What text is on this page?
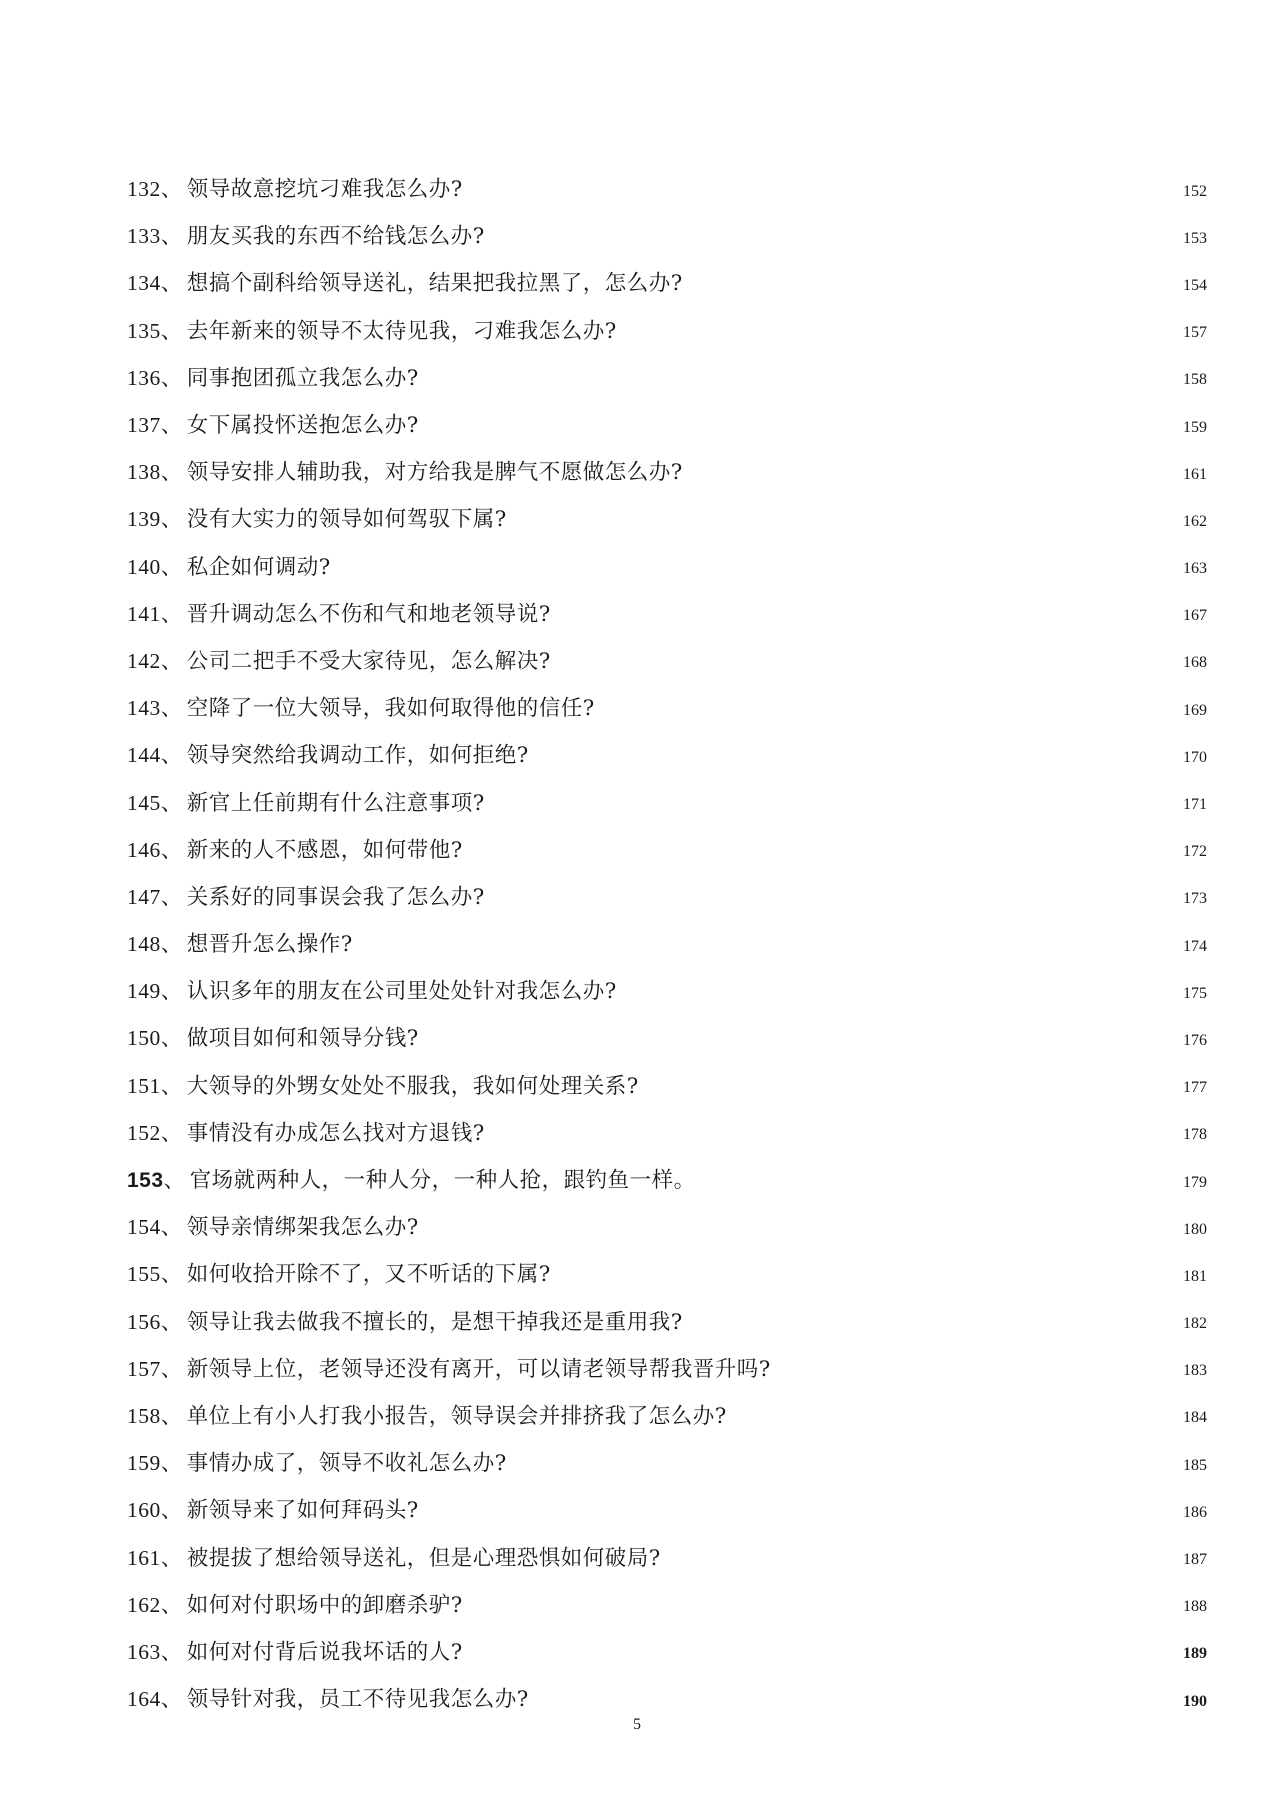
132 、 领导故意挖坑刁难我怎么办?	152
133 、 朋友买我的东西不给钱怎么办?	153
134 、 想搞个副科给领导送礼，结果把我拉黑了，怎么办?	154
135 、 去年新来的领导不太待见我，刁难我怎么办?	157
136 、 同事抱团孤立我怎么办?	158
137 、 女下属投怀送抱怎么办?	159
138 、 领导安排人辅助我，对方给我是脾气不愿做怎么办?	161
139 、 没有大实力的领导如何驾驭下属?	162
140 、 私企如何调动?	163
141 、 晋升调动怎么不伤和气和地老领导说?	167
142 、 公司二把手不受大家待见，怎么解决?	168
143 、 空降了一位大领导，我如何取得他的信任?	169
144 、 领导突然给我调动工作，如何拒绝?	170
145 、 新官上任前期有什么注意事项?	171
146 、 新来的人不感恩，如何带他?	172
147 、 关系好的同事误会我了怎么办?	173
148 、 想晋升怎么操作?	174
149 、 认识多年的朋友在公司里处处针对我怎么办?	175
150 、 做项目如何和领导分钱?	176
151 、 大领导的外甥女处处不服我，我如何处理关系?	177
152 、 事情没有办成怎么找对方退钱?	178
153 、 官场就两种人，一种人分，一种人抢，跟钓鱼一样。	179
154 、 领导亲情绑架我怎么办?	180
155 、 如何收拾开除不了，又不听话的下属?	181
156 、 领导让我去做我不擅长的，是想干掉我还是重用我?	182
157 、 新领导上位，老领导还没有离开，可以请老领导帮我晋升吗?	183
158 、 单位上有小人打我小报告，领导误会并排挤我了怎么办?	184
159 、 事情办成了，领导不收礼怎么办?	185
160 、 新领导来了如何拜码头?	186
161 、 被提拔了想给领导送礼，但是心理恐惧如何破局?	187
162 、 如何对付职场中的卸磨杀驴?	188
163 、 如何对付背后说我坏话的人?	189
164 、 领导针对我，员工不待见我怎么办?	190
5
